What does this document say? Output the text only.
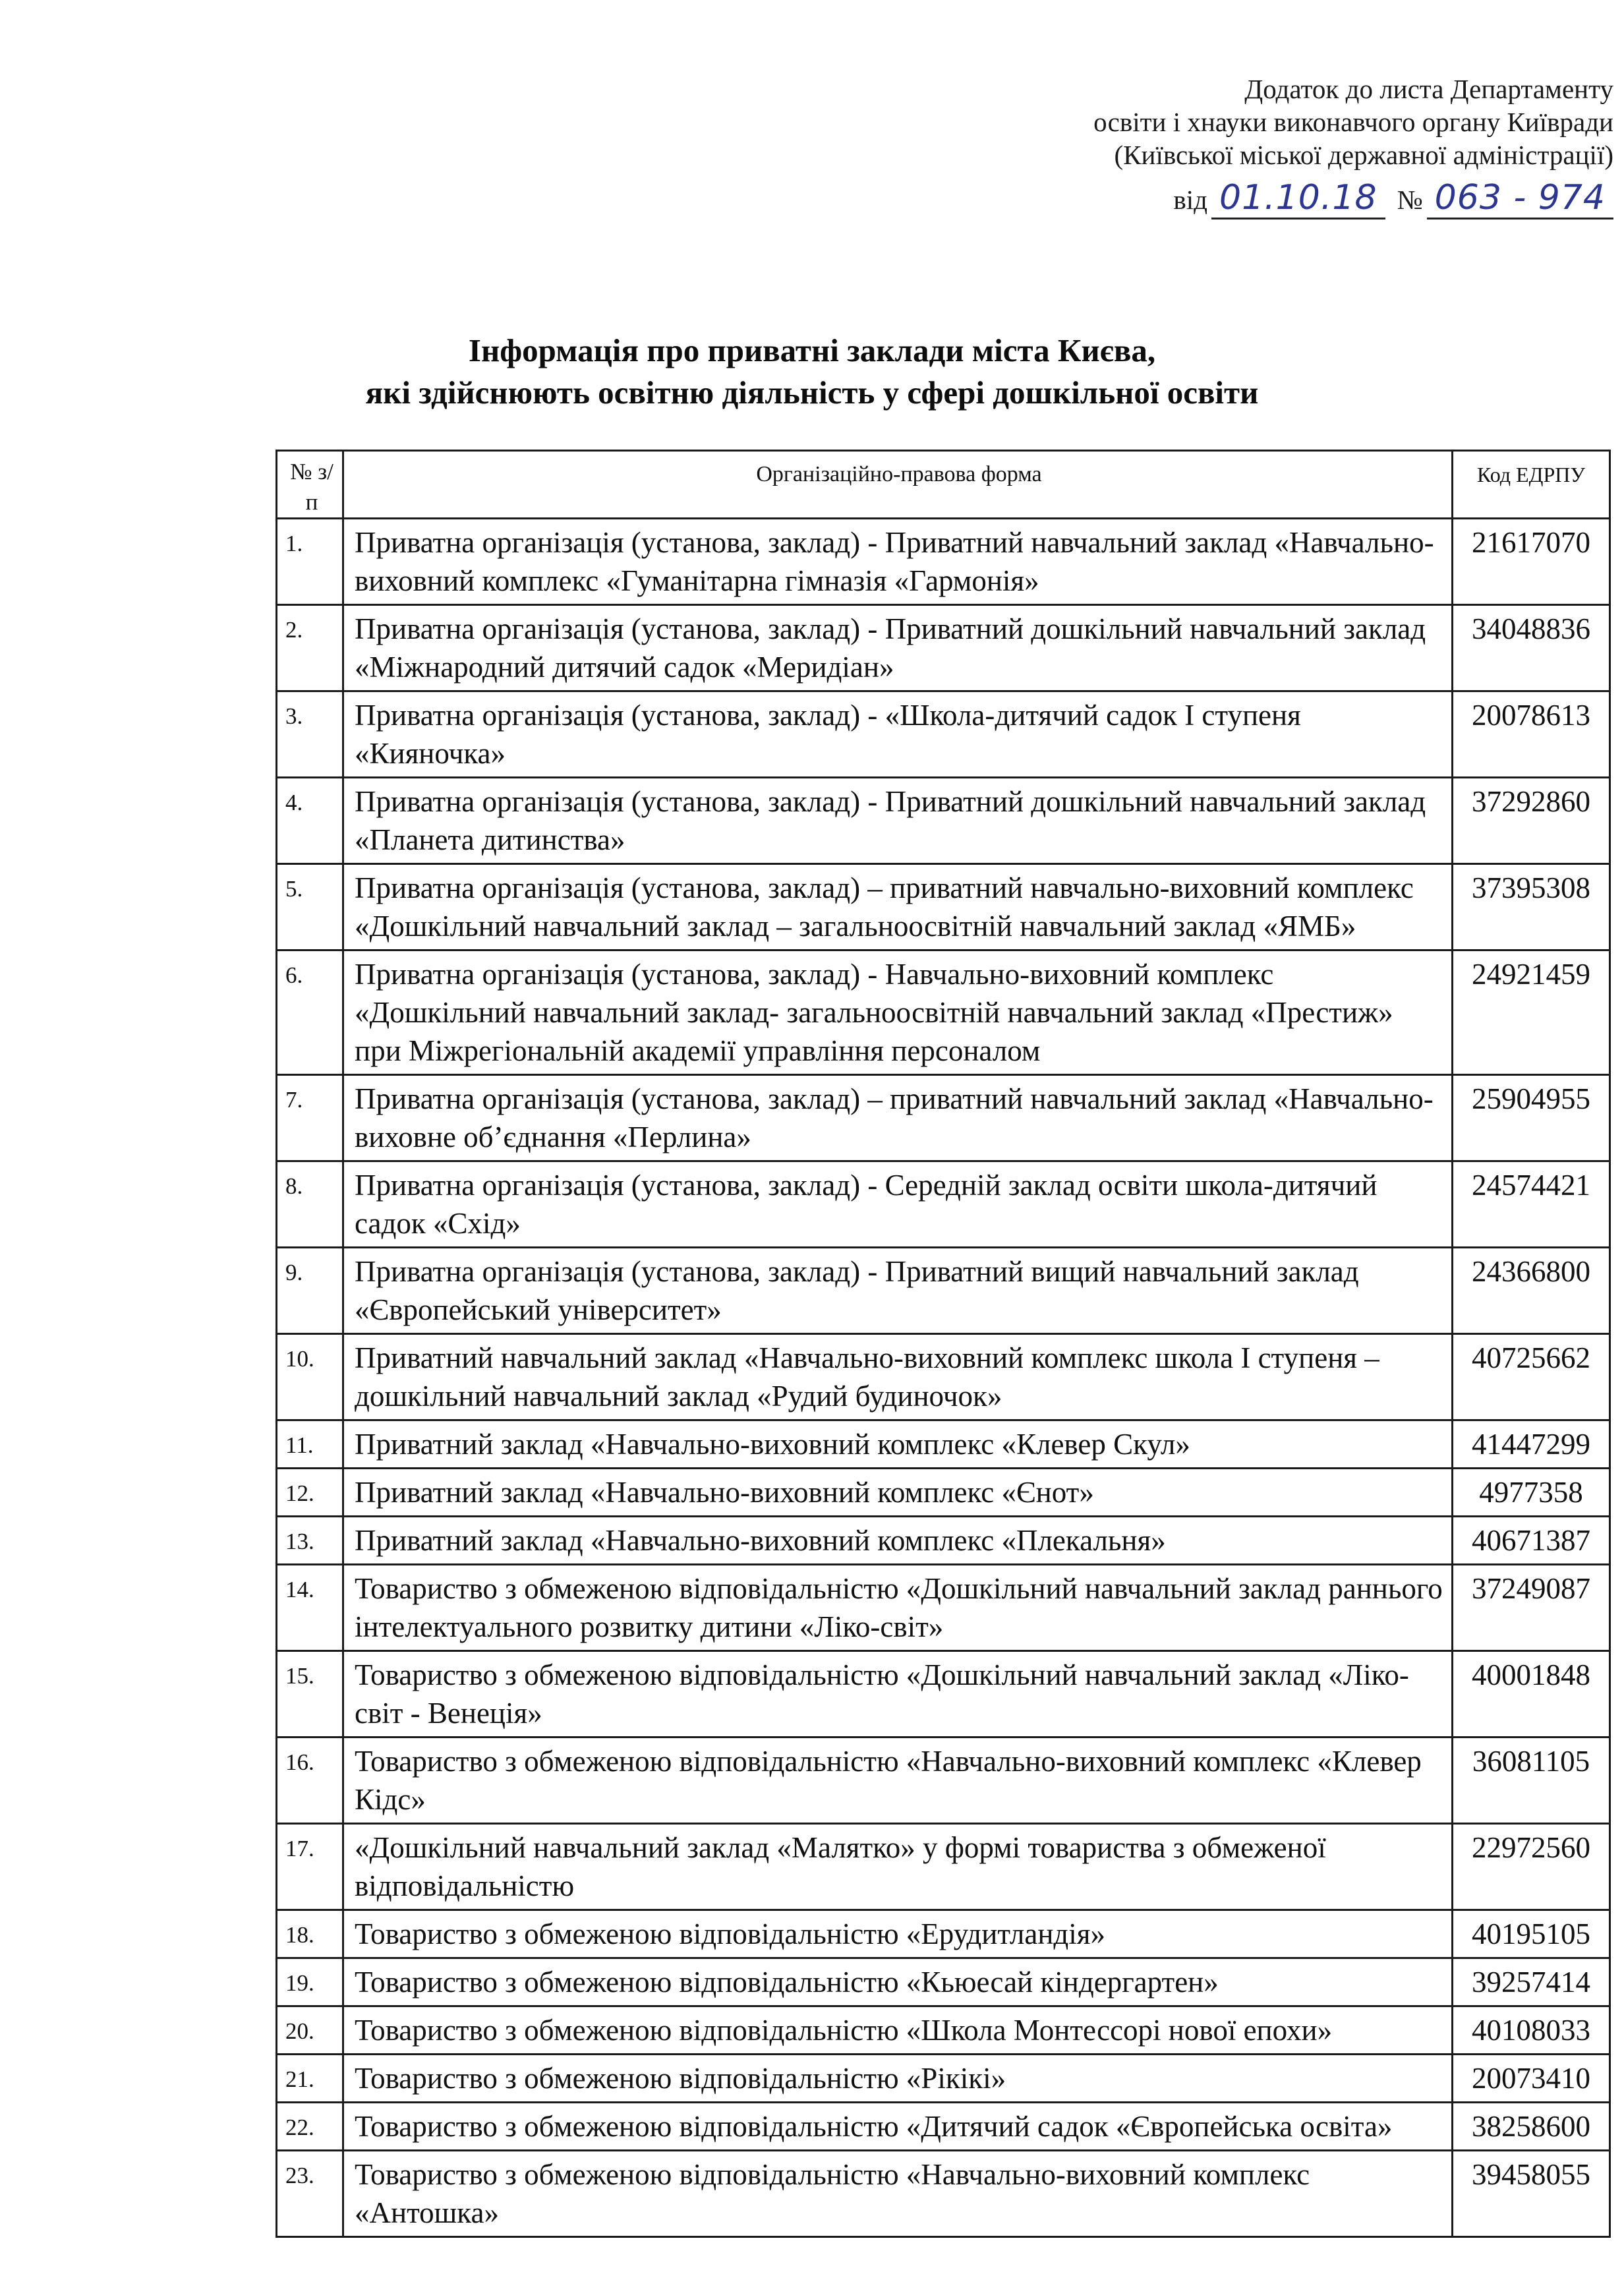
Додаток до листа Департаменту
освіти і хнауки виконавчого органу Київради
(Київської міської державної адміністрації)
від 01.10.18 № 063 - 974
Інформація про приватні заклади міста Києва,
які здійснюють освітню діяльність у сфері дошкільної освіти
№ з/п	Організаційно-правова форма	Код ЕДРПУ
1.	Приватна організація (установа, заклад) - Приватний навчальний заклад «Навчально-виховний комплекс «Гуманітарна гімназія «Гармонія»	21617070
2.	Приватна організація (установа, заклад) - Приватний дошкільний навчальний заклад «Міжнародний дитячий садок «Меридіан»	34048836
3.	Приватна організація (установа, заклад) - «Школа-дитячий садок І ступеня «Кияночка»	20078613
4.	Приватна організація (установа, заклад) - Приватний дошкільний навчальний заклад «Планета дитинства»	37292860
5.	Приватна організація (установа, заклад) – приватний навчально-виховний комплекс «Дошкільний навчальний заклад – загальноосвітній навчальний заклад «ЯМБ»	37395308
6.	Приватна організація (установа, заклад) - Навчально-виховний комплекс «Дошкільний навчальний заклад- загальноосвітній навчальний заклад «Престиж» при Міжрегіональній академії управління персоналом	24921459
7.	Приватна організація (установа, заклад) – приватний навчальний заклад «Навчально-виховне об’єднання «Перлина»	25904955
8.	Приватна організація (установа, заклад) - Середній заклад освіти школа-дитячий садок «Схід»	24574421
9.	Приватна організація (установа, заклад) - Приватний вищий навчальний заклад «Європейський університет»	24366800
10.	Приватний навчальний заклад «Навчально-виховний комплекс школа І ступеня – дошкільний навчальний заклад «Рудий будиночок»	40725662
11.	Приватний заклад «Навчально-виховний комплекс «Клевер Скул»	41447299
12.	Приватний заклад «Навчально-виховний комплекс «Єнот»	4977358
13.	Приватний заклад «Навчально-виховний комплекс «Плекальня»	40671387
14.	Товариство з обмеженою відповідальністю «Дошкільний навчальний заклад раннього інтелектуального розвитку дитини «Ліко-світ»	37249087
15.	Товариство з обмеженою відповідальністю «Дошкільний навчальний заклад «Ліко-світ - Венеція»	40001848
16.	Товариство з обмеженою відповідальністю «Навчально-виховний комплекс «Клевер Кідс»	36081105
17.	«Дошкільний навчальний заклад «Малятко» у формі товариства з обмеженої відповідальністю	22972560
18.	Товариство з обмеженою відповідальністю «Ерудитландія»	40195105
19.	Товариство з обмеженою відповідальністю «Кьюесай кіндергартен»	39257414
20.	Товариство з обмеженою відповідальністю «Школа Монтессорі нової епохи»	40108033
21.	Товариство з обмеженою відповідальністю «Рікікі»	20073410
22.	Товариство з обмеженою відповідальністю «Дитячий садок «Європейська освіта»	38258600
23.	Товариство з обмеженою відповідальністю «Навчально-виховний комплекс «Антошка»	39458055
